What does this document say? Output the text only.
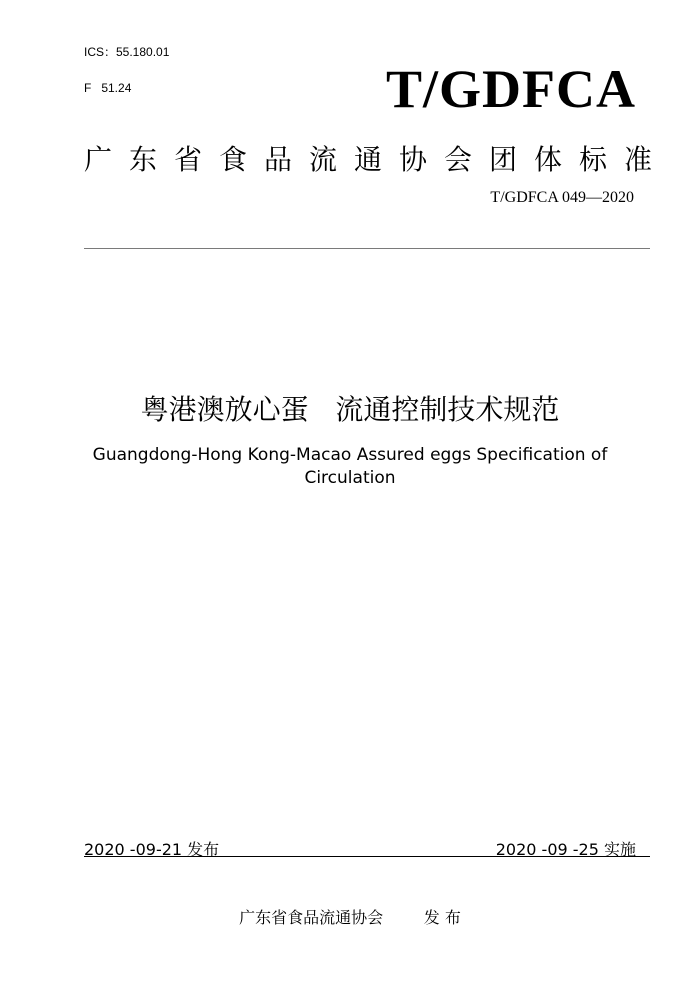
ICS：55.180.01
F   51.24	T/GDFCA
广东省食品流通协会团体标准
T/GDFCA 049—2020
粤港澳放心蛋   流通控制技术规范
Guangdong-Hong Kong-Macao Assured eggs Specification of Circulation
2020 -09-21 发布	2020 -09 -25 实施
广东省食品流通协会        发 布
